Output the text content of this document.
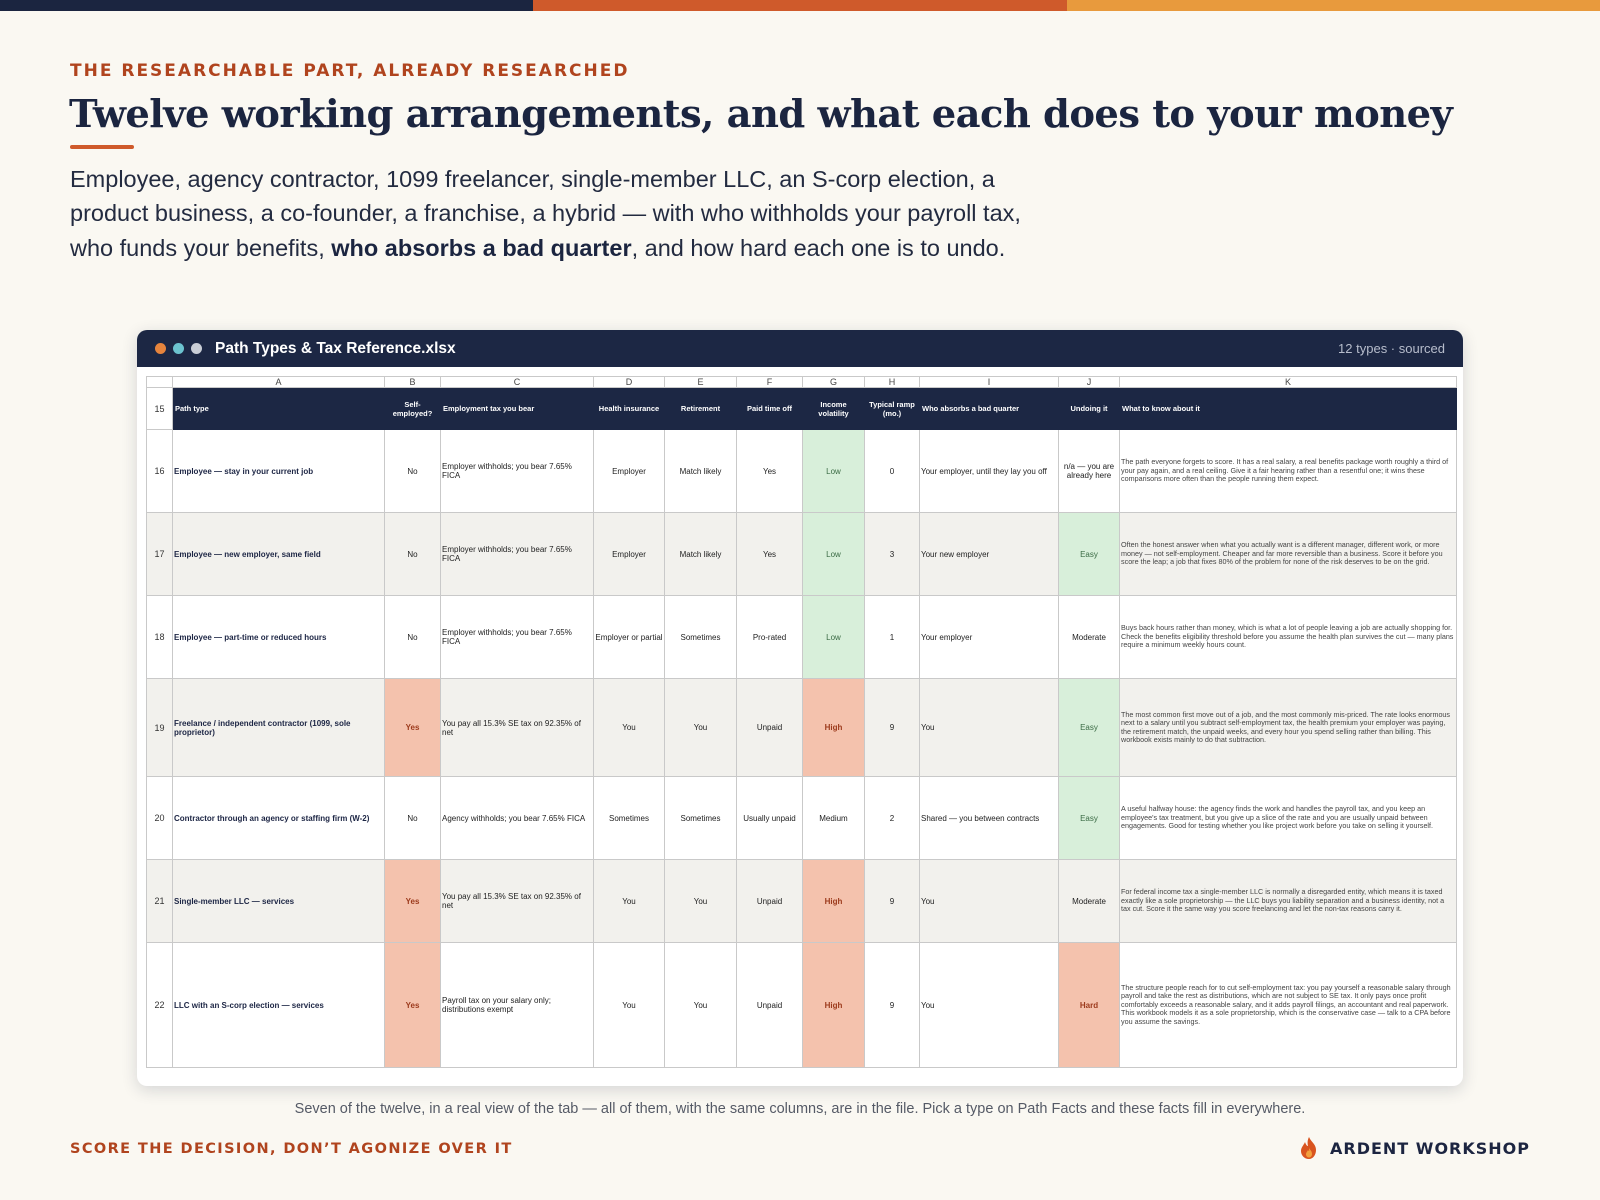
THE RESEARCHABLE PART, ALREADY RESEARCHED
Twelve working arrangements, and what each does to your money

Employee, agency contractor, 1099 freelancer, single-member LLC, an S-corp election, a product business, a co-founder, a franchise, a hybrid — with who withholds your payroll tax, who funds your benefits, who absorbs a bad quarter, and how hard each one is to undo.

Path Types & Tax Reference.xlsx	12 types · sourced
	A	B	C	D	E	F	G	H	I	J	K
15	Path type	Self-employed?	Employment tax you bear	Health insurance	Retirement	Paid time off	Income volatility	Typical ramp (mo.)	Who absorbs a bad quarter	Undoing it	What to know about it
16	Employee — stay in your current job	No	Employer withholds; you bear 7.65% FICA	Employer	Match likely	Yes	Low	0	Your employer, until they lay you off	n/a — you are already here	The path everyone forgets to score. It has a real salary, a real benefits package worth roughly a third of your pay again, and a real ceiling. Give it a fair hearing rather than a resentful one; it wins these comparisons more often than the people running them expect.
17	Employee — new employer, same field	No	Employer withholds; you bear 7.65% FICA	Employer	Match likely	Yes	Low	3	Your new employer	Easy	Often the honest answer when what you actually want is a different manager, different work, or more money — not self-employment. Cheaper and far more reversible than a business. Score it before you score the leap; a job that fixes 80% of the problem for none of the risk deserves to be on the grid.
18	Employee — part-time or reduced hours	No	Employer withholds; you bear 7.65% FICA	Employer or partial	Sometimes	Pro-rated	Low	1	Your employer	Moderate	Buys back hours rather than money, which is what a lot of people leaving a job are actually shopping for. Check the benefits eligibility threshold before you assume the health plan survives the cut — many plans require a minimum weekly hours count.
19	Freelance / independent contractor (1099, sole proprietor)	Yes	You pay all 15.3% SE tax on 92.35% of net	You	You	Unpaid	High	9	You	Easy	The most common first move out of a job, and the most commonly mis-priced. The rate looks enormous next to a salary until you subtract self-employment tax, the health premium your employer was paying, the retirement match, the unpaid weeks, and every hour you spend selling rather than billing. This workbook exists mainly to do that subtraction.
20	Contractor through an agency or staffing firm (W-2)	No	Agency withholds; you bear 7.65% FICA	Sometimes	Sometimes	Usually unpaid	Medium	2	Shared — you between contracts	Easy	A useful halfway house: the agency finds the work and handles the payroll tax, and you keep an employee's tax treatment, but you give up a slice of the rate and you are usually unpaid between engagements. Good for testing whether you like project work before you take on selling it yourself.
21	Single-member LLC — services	Yes	You pay all 15.3% SE tax on 92.35% of net	You	You	Unpaid	High	9	You	Moderate	For federal income tax a single-member LLC is normally a disregarded entity, which means it is taxed exactly like a sole proprietorship — the LLC buys you liability separation and a business identity, not a tax cut. Score it the same way you score freelancing and let the non-tax reasons carry it.
22	LLC with an S-corp election — services	Yes	Payroll tax on your salary only; distributions exempt	You	You	Unpaid	High	9	You	Hard	The structure people reach for to cut self-employment tax: you pay yourself a reasonable salary through payroll and take the rest as distributions, which are not subject to SE tax. It only pays once profit comfortably exceeds a reasonable salary, and it adds payroll filings, an accountant and real paperwork. This workbook models it as a sole proprietorship, which is the conservative case — talk to a CPA before you assume the savings.
Seven of the twelve, in a real view of the tab — all of them, with the same columns, are in the file. Pick a type on Path Facts and these facts fill in everywhere.
SCORE THE DECISION, DON’T AGONIZE OVER IT	ARDENT WORKSHOP
